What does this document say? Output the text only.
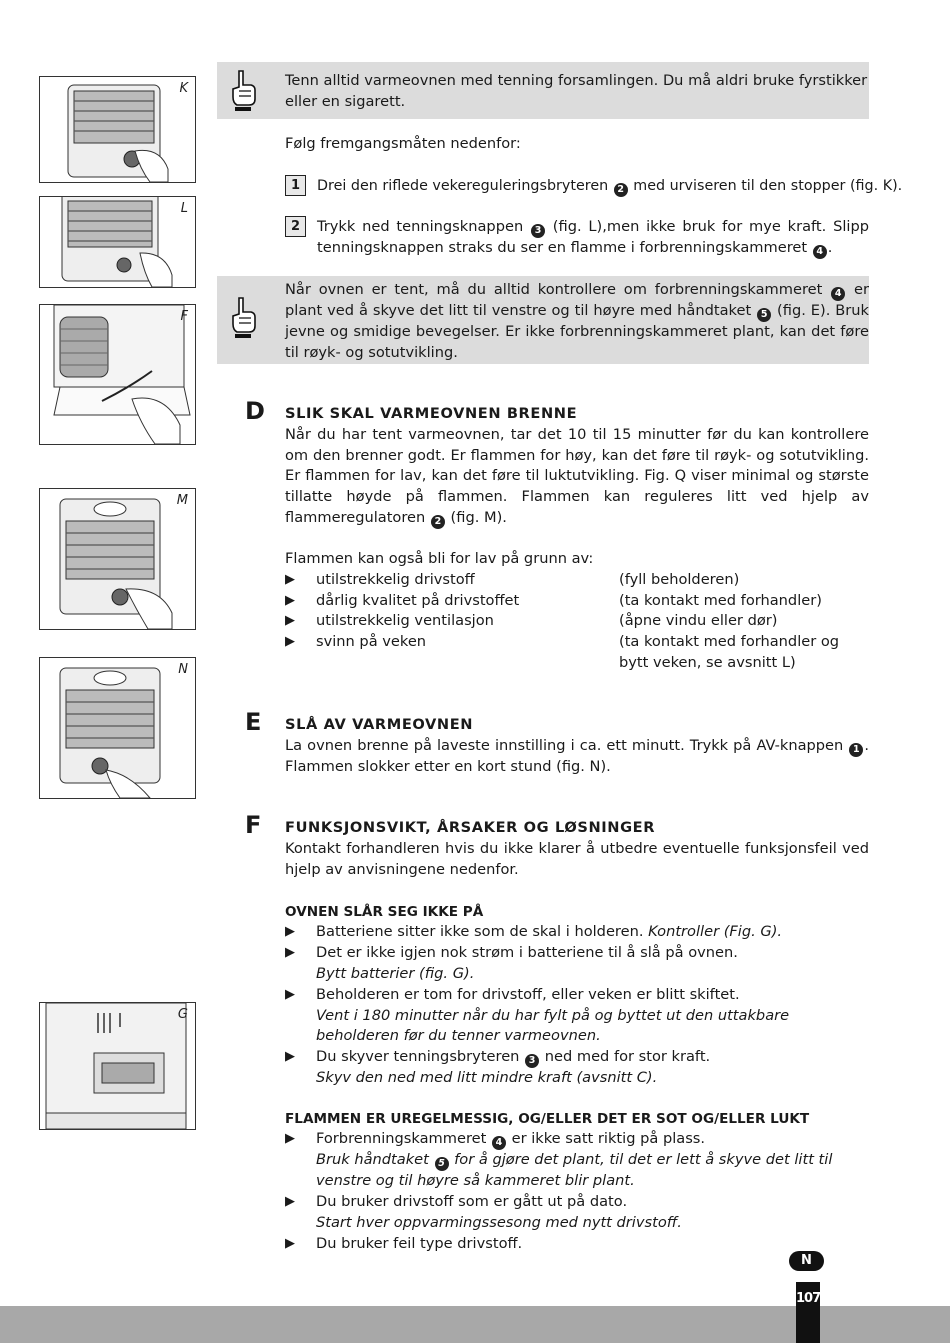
K
L
F
M
N
G
Tenn alltid varmeovnen med tenning forsamlingen. Du må aldri bruke fyrstikker eller en sigarett.
Følg fremgangsmåten nedenfor:
1	Drei den riflede vekereguleringsbryteren 2 med urviseren til den stopper (fig. K).
2	Trykk ned tenningsknappen 3 (fig. L),men ikke bruk for mye kraft. Slipp tenningsknappen straks du ser en flamme i forbrenningskammeret 4 .
Når ovnen er tent, må du alltid kontrollere om forbrenningskammeret 4 er plant ved å skyve det litt til venstre og til høyre med håndtaket 5 (fig. E). Bruk jevne og smidige bevegelser. Er ikke forbrenningskammeret plant, kan det føre til røyk- og sotutvikling.
D SLIK SKAL VARMEOVNEN BRENNE
Når du har tent varmeovnen, tar det 10 til 15 minutter før du kan kontrollere om den brenner godt. Er flammen for høy, kan det føre til røyk- og sotutvikling. Er flammen for lav, kan det føre til luktutvikling. Fig. Q viser minimal og største tillatte høyde på flammen. Flammen kan reguleres litt ved hjelp av flammeregulatoren 2 (fig. M).
Flammen kan også bli for lav på grunn av:
▶ utilstrekkelig drivstoff	(fyll beholderen)
▶ dårlig kvalitet på drivstoffet	(ta kontakt med forhandler)
▶ utilstrekkelig ventilasjon	(åpne vindu eller dør)
▶ svinn på veken	(ta kontakt med forhandler og bytt veken, se avsnitt L)
E SLÅ AV VARMEOVNEN
La ovnen brenne på laveste innstilling i ca. ett minutt. Trykk på AV-knappen 1 . Flammen slokker etter en kort stund (fig. N).
F FUNKSJONSVIKT, ÅRSAKER OG LØSNINGER
Kontakt forhandleren hvis du ikke klarer å utbedre eventuelle funksjonsfeil ved hjelp av anvisningene nedenfor.
OVNEN SLÅR SEG IKKE PÅ
▶ Batteriene sitter ikke som de skal i holderen. Kontroller (Fig. G).
▶ Det er ikke igjen nok strøm i batteriene til å slå på ovnen.
Bytt batterier (fig. G).
▶ Beholderen er tom for drivstoff, eller veken er blitt skiftet.
Vent i 180 minutter når du har fylt på og byttet ut den uttakbare beholderen før du tenner varmeovnen.
▶ Du skyver tenningsbryteren 3 ned med for stor kraft.
Skyv den ned med litt mindre kraft (avsnitt C).
FLAMMEN ER UREGELMESSIG, OG/ELLER DET ER SOT OG/ELLER LUKT
▶ Forbrenningskammeret 4 er ikke satt riktig på plass.
Bruk håndtaket 5 for å gjøre det plant, til det er lett å skyve det litt til venstre og til høyre så kammeret blir plant.
▶ Du bruker drivstoff som er gått ut på dato.
Start hver oppvarmingssesong med nytt drivstoff.
▶ Du bruker feil type drivstoff.
N
107
